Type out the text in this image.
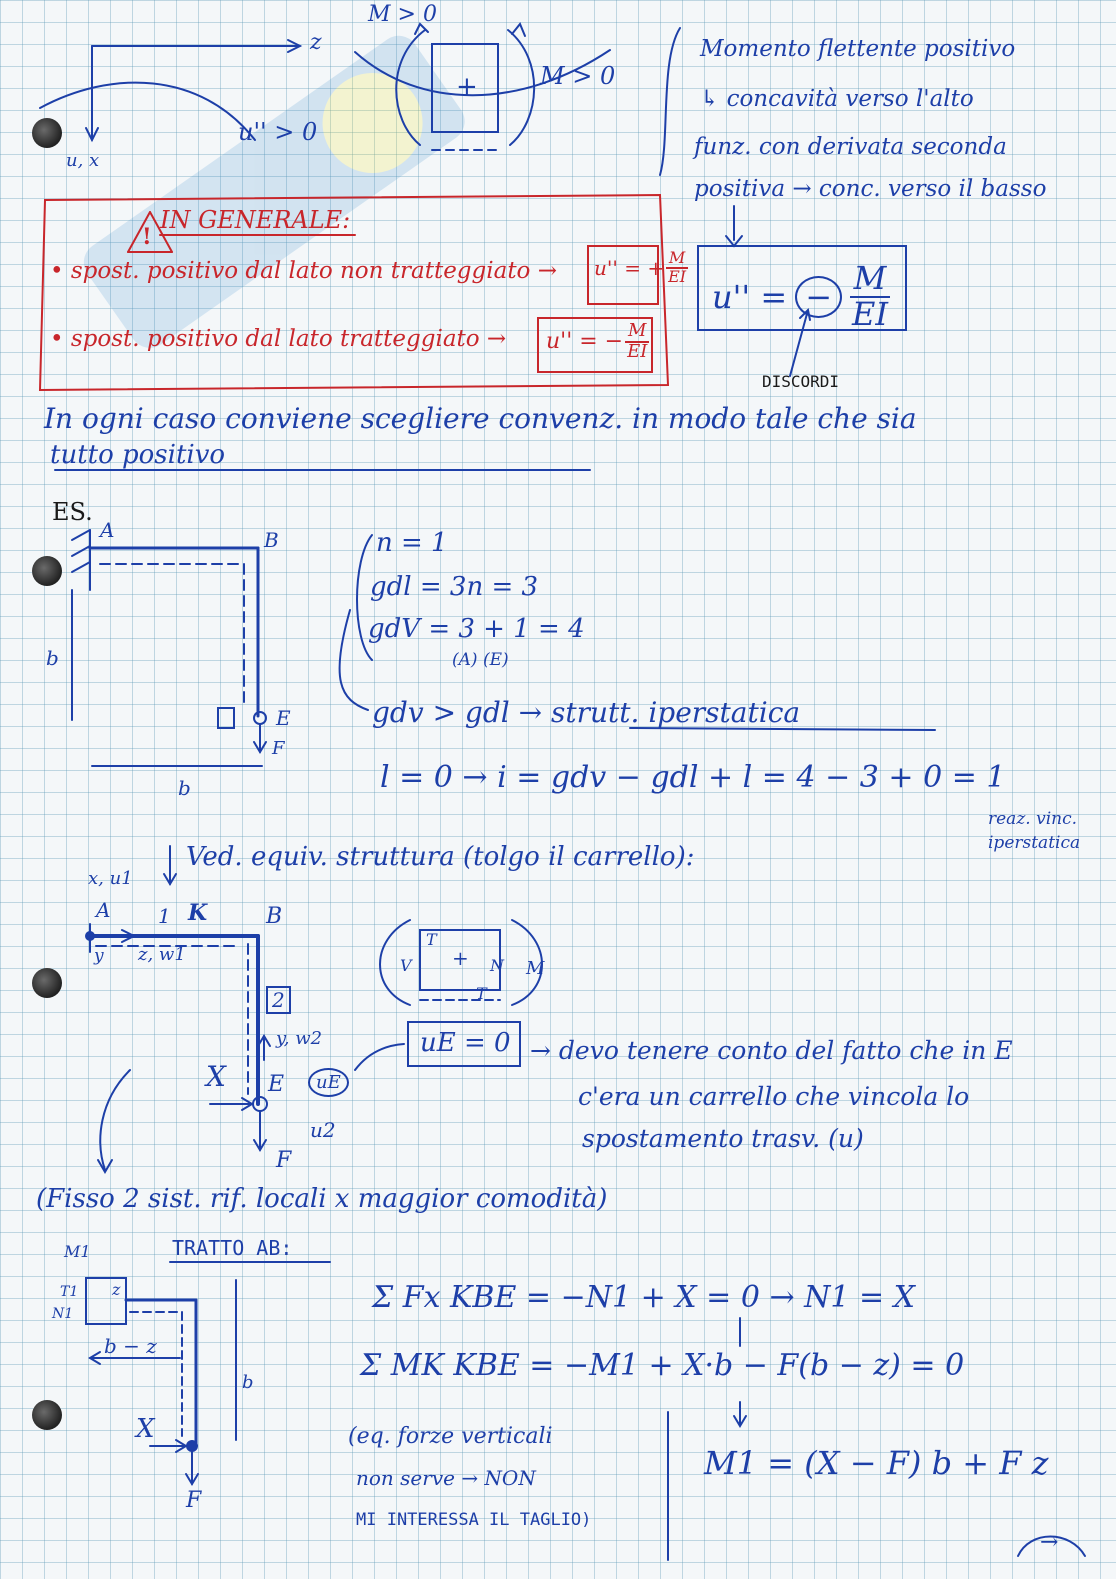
z
u, x
u'' > 0
M > 0
M > 0
+
Momento flettente positivo
↳ concavità verso l'alto
funz. con derivata seconda
positiva → conc. verso il basso
u'' = − $\frac{M}{EI}$
DISCORDI
!
IN GENERALE:
• spost. positivo dal lato non tratteggiato → u'' = + $\frac{M}{EI}$
• spost. positivo dal lato tratteggiato → u'' = − $\frac{M}{EI}$
In ogni caso conviene scegliere convenz. in modo tale che sia
tutto positivo
ES.
A	B
E
F
b
b
n = 1
gdl = 3n = 3
gdV = 3 + 1 = 4
(A) (E)
gdv > gdl → strutt. iperstatica
l = 0 → i = gdv − gdl + l = 4 − 3 + 0 = 1
reaz. vinc. iperstatica
Ved. equiv. struttura (tolgo il carrello):
x, u1
A 1 K	B
y z, w1
2
y, w2
X E	uE
u2
F
T
V + N M
T
uE = 0 → devo tenere conto del fatto che in E
c'era un carrello che vincola lo
spostamento trasv. (u)
(Fisso 2 sist. rif. locali x maggior comodità)
TRATTO AB:
M1
T1
N1
z
b − z
b
X
F
Σ Fx KBE = −N1 + X = 0 → N1 = X
Σ MK KBE = −M1 + X·b − F(b − z) = 0
M1 = (X − F) b + F z
(eq. forze verticali
non serve → NON
MI INTERESSA IL TAGLIO)
→
